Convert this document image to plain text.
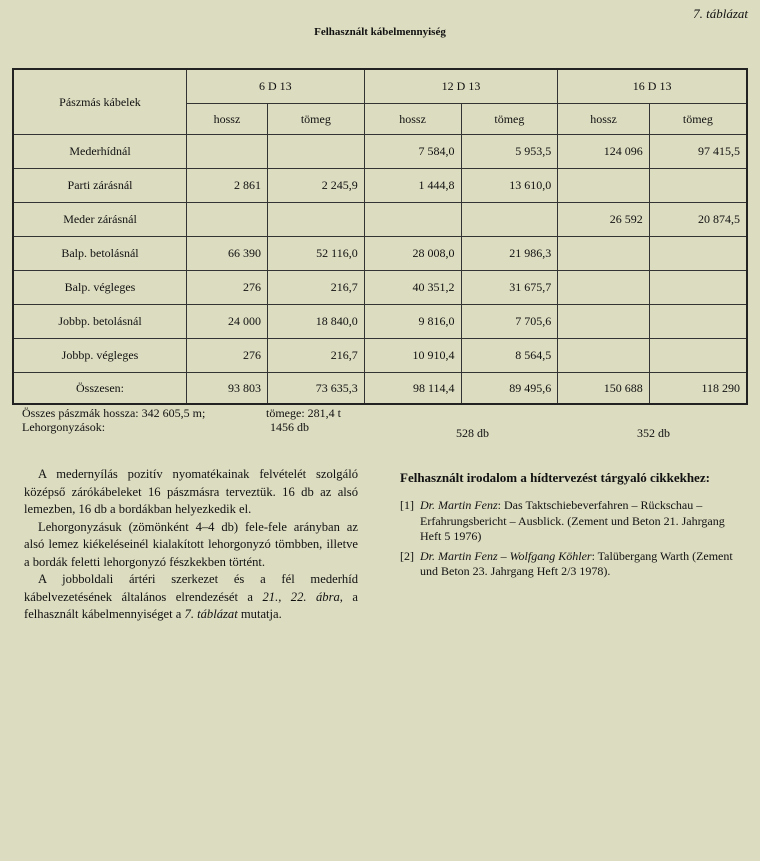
7. táblázat
Felhasznált kábelmennyiség
Pászmás kábelek	6 D 13		12 D 13		16 D 13	
	hossz	tömeg	hossz	tömeg	hossz	tömeg
Mederhídnál			7 584,0	5 953,5	124 096	97 415,5
Parti zárásnál	2 861	2 245,9	1 444,8	13 610,0		
Meder zárásnál					26 592	20 874,5
Balp. betolásnál	66 390	52 116,0	28 008,0	21 986,3		
Balp. végleges	276	216,7	40 351,2	31 675,7		
Jobbp. betolásnál	24 000	18 840,0	9 816,0	7 705,6		
Jobbp. végleges	276	216,7	10 910,4	8 564,5		
Összesen:	93 803	73 635,3	98 114,4	89 495,6	150 688	118 290
Összes pászmák hossza: 342 605,5 m;	tömege: 281,4 t
Lehorgonyzások:	1456 db	528 db	352 db

A medernyílás pozitív nyomatékainak felvételét szolgáló középső zárókábeleket 16 pászmásra terveztük. 16 db az alsó lemezben, 16 db a bordákban helyezkedik el.

Lehorgonyzásuk (zömönként 4–4 db) fele-fele arányban az alsó lemez kiékeléseinél kialakított lehorgonyzó tömbben, illetve a bordák feletti lehorgonyzó fészkekben történt.

A jobboldali ártéri szerkezet és a fél mederhíd kábelvezetésének általános elrendezését a 21., 22. ábra, a felhasznált kábelmennyiséget a 7. táblázat mutatja.

Felhasznált irodalom a hídtervezést tárgyaló cikkekhez:
[1] Dr. Martin Fenz: Das Taktschiebeverfahren – Rückschau – Erfahrungsbericht – Ausblick. (Zement und Beton 21. Jahrgang Heft 5 1976)
[2] Dr. Martin Fenz – Wolfgang Köhler: Talübergang Warth (Zement und Beton 23. Jahrgang Heft 2/3 1978).
